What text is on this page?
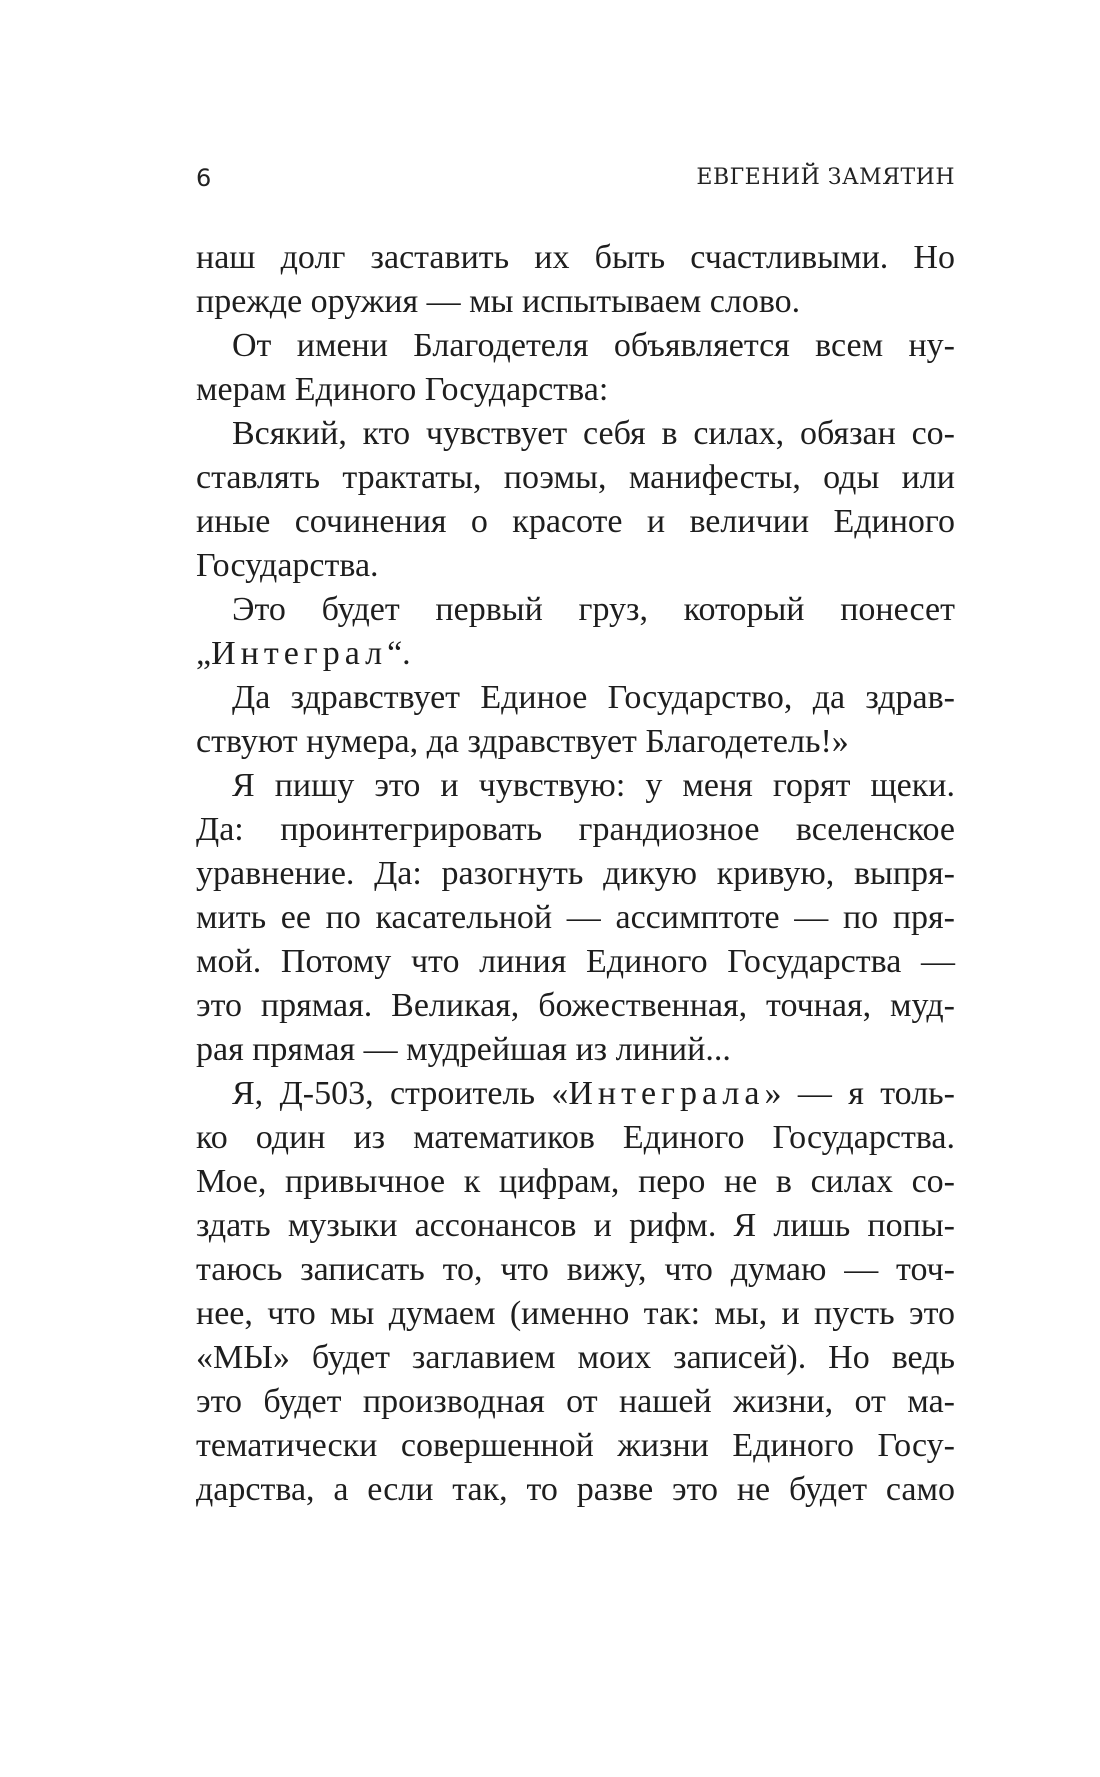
6	ЕВГЕНИЙ ЗАМЯТИН
наш долг заставить их быть счастливыми. Но
прежде оружия — мы испытываем слово.
От имени Благодетеля объявляется всем ну-
мерам Единого Государства:
Всякий, кто чувствует себя в силах, обязан со-
ставлять трактаты, поэмы, манифесты, оды или
иные сочинения о красоте и величии Единого
Государства.
Это будет первый груз, который понесет
„Интеграл“.
Да здравствует Единое Государство, да здрав-
ствуют нумера, да здравствует Благодетель!»
Я пишу это и чувствую: у меня горят щеки.
Да: проинтегрировать грандиозное вселенское
уравнение. Да: разогнуть дикую кривую, выпря-
мить ее по касательной — ассимптоте — по пря-
мой. Потому что линия Единого Государства —
это прямая. Великая, божественная, точная, муд-
рая прямая — мудрейшая из линий...
Я, Д-503, строитель «Интеграла» — я толь-
ко один из математиков Единого Государства.
Мое, привычное к цифрам, перо не в силах со-
здать музыки ассонансов и рифм. Я лишь попы-
таюсь записать то, что вижу, что думаю — точ-
нее, что мы думаем (именно так: мы, и пусть это
«МЫ» будет заглавием моих записей). Но ведь
это будет производная от нашей жизни, от ма-
тематически совершенной жизни Единого Госу-
дарства, а если так, то разве это не будет само
